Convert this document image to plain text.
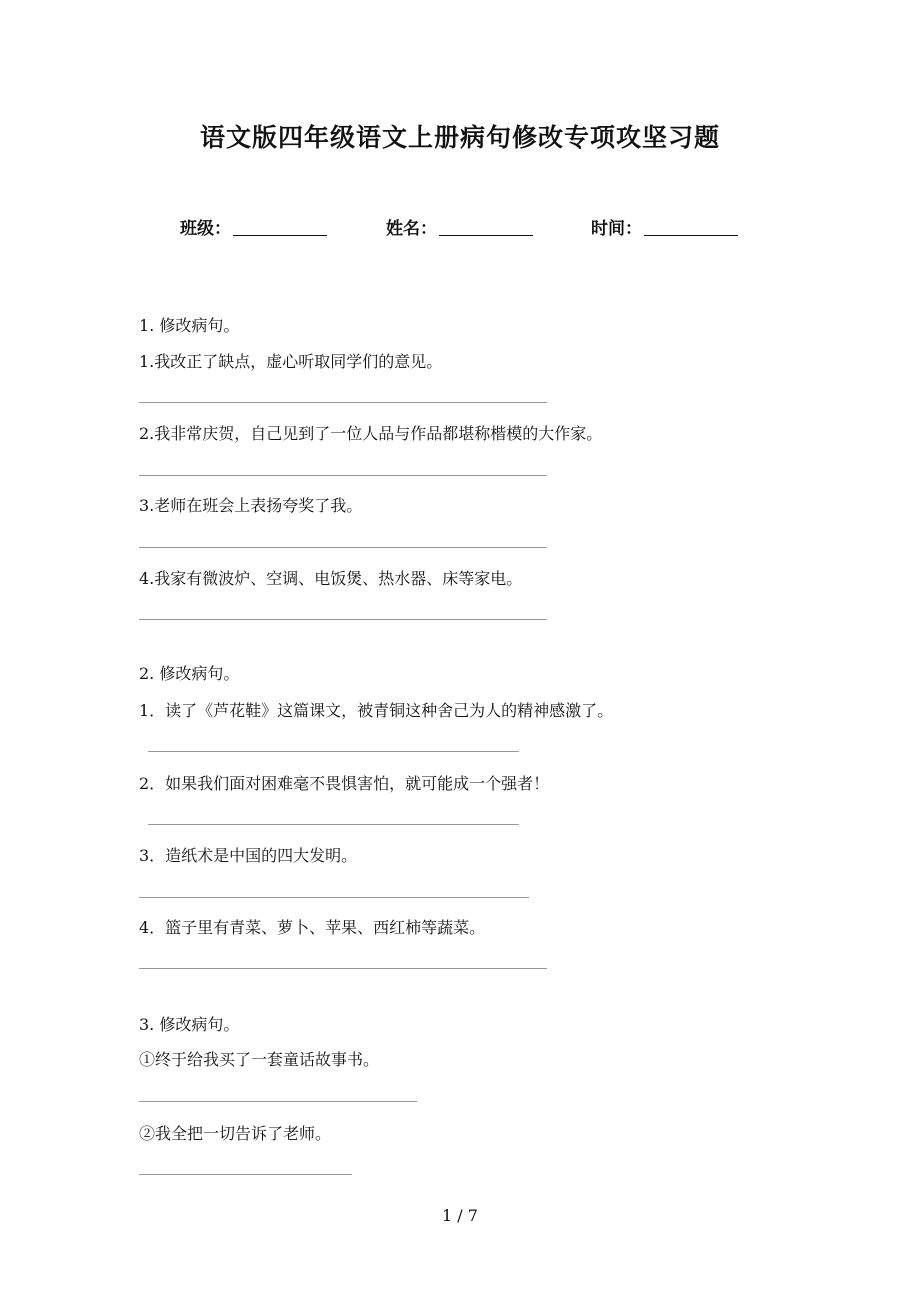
语文版四年级语文上册病句修改专项攻坚习题
班级：	姓名：	时间：
1. 修改病句。
1.我改正了缺点，虚心听取同学们的意见。
2.我非常庆贺，自己见到了一位人品与作品都堪称楷模的大作家。
3.老师在班会上表扬夸奖了我。
4.我家有微波炉、空调、电饭煲、热水器、床等家电。
2. 修改病句。
1．读了《芦花鞋》这篇课文，被青铜这种舍己为人的精神感激了。
2．如果我们面对困难毫不畏惧害怕，就可能成一个强者！
3．造纸术是中国的四大发明。
4．篮子里有青菜、萝卜、苹果、西红柿等蔬菜。
3. 修改病句。
①终于给我买了一套童话故事书。
②我全把一切告诉了老师。
1 / 7
